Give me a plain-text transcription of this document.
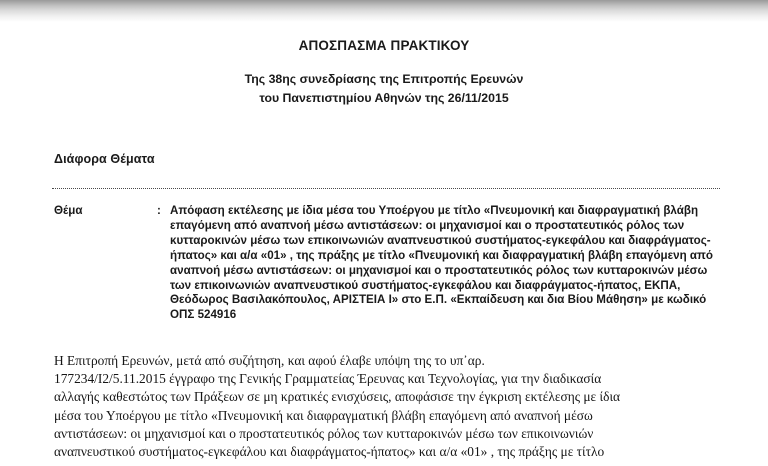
ΑΠΟΣΠΑΣΜΑ ΠΡΑΚΤΙΚΟΥ
Της 38ης συνεδρίασης της Επιτροπής Ερευνών
του Πανεπιστημίου Αθηνών της 26/11/2015
Διάφορα Θέματα
Θέμα	: Απόφαση εκτέλεσης με ίδια μέσα του Υποέργου με τίτλο «Πνευμονική και διαφραγματική βλάβη επαγόμενη από αναπνοή μέσω αντιστάσεων: οι μηχανισμοί και ο προστατευτικός ρόλος των κυτταροκινών μέσω των επικοινωνιών αναπνευστικού συστήματος-εγκεφάλου και διαφράγματος-ήπατος» και α/α «01» , της πράξης με τίτλο «Πνευμονική και διαφραγματική βλάβη επαγόμενη από αναπνοή μέσω αντιστάσεων: οι μηχανισμοί και ο προστατευτικός ρόλος των κυτταροκινών μέσω των επικοινωνιών αναπνευστικού συστήματος-εγκεφάλου και διαφράγματος-ήπατος, ΕΚΠΑ, Θεόδωρος Βασιλακόπουλος, ΑΡΙΣΤΕΙΑ Ι» στο Ε.Π. «Εκπαίδευση και δια Βίου Μάθηση» με κωδικό ΟΠΣ 524916
Η Επιτροπή Ερευνών, μετά από συζήτηση, και αφού έλαβε υπόψη της το υπ᾽αρ.
177234/Ι2/5.11.2015 έγγραφο της Γενικής Γραμματείας Έρευνας και Τεχνολογίας, για την διαδικασία
αλλαγής καθεστώτος των Πράξεων σε μη κρατικές ενισχύσεις, αποφάσισε την έγκριση εκτέλεσης με ίδια
μέσα του Υποέργου με τίτλο «Πνευμονική και διαφραγματική βλάβη επαγόμενη από αναπνοή μέσω
αντιστάσεων: οι μηχανισμοί και ο προστατευτικός ρόλος των κυτταροκινών μέσω των επικοινωνιών
αναπνευστικού συστήματος-εγκεφάλου και διαφράγματος-ήπατος» και α/α «01» , της πράξης με τίτλο
